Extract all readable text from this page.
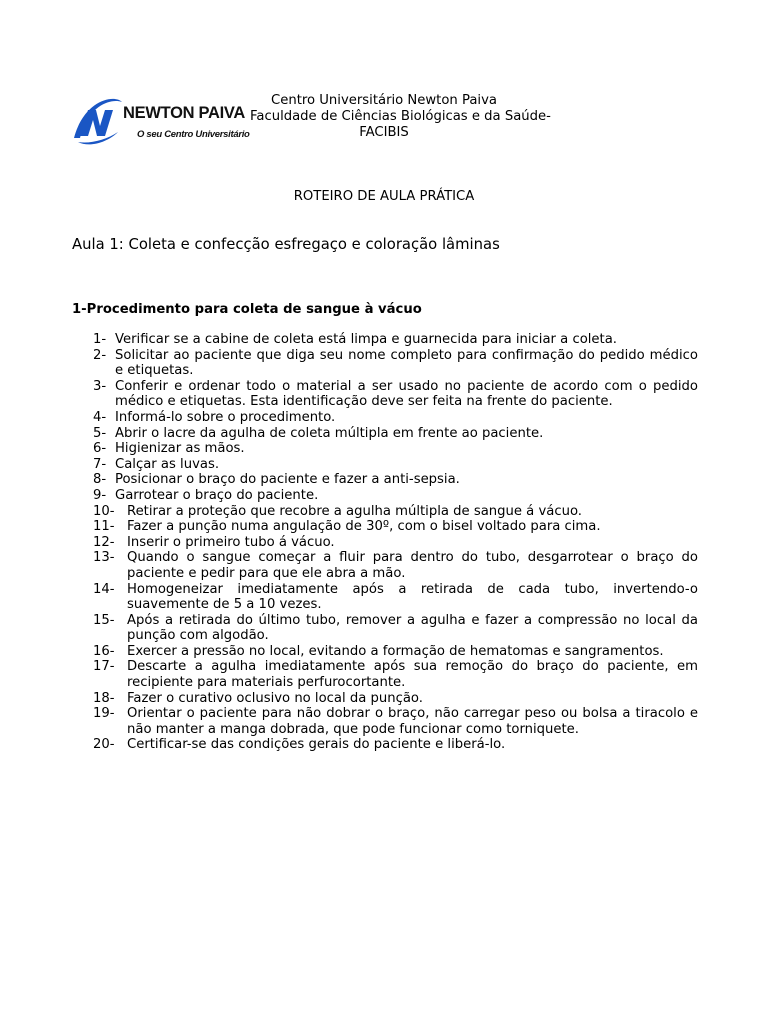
NEWTON PAIVA
O seu Centro Universitário
Centro Universitário Newton Paiva
Faculdade de Ciências Biológicas e da Saúde-
FACIBIS
ROTEIRO DE AULA PRÁTICA
Aula 1: Coleta e confecção esfregaço e coloração lâminas
1-Procedimento para coleta de sangue à vácuo
1- Verificar se a cabine de coleta está limpa e guarnecida para iniciar a coleta.
2- Solicitar ao paciente que diga seu nome completo para confirmação do pedido médico e etiquetas.
3- Conferir e ordenar todo o material a ser usado no paciente de acordo com o pedido médico e etiquetas. Esta identificação deve ser feita na frente do paciente.
4- Informá-lo sobre o procedimento.
5- Abrir o lacre da agulha de coleta múltipla em frente ao paciente.
6- Higienizar as mãos.
7- Calçar as luvas.
8- Posicionar o braço do paciente e fazer a anti-sepsia.
9- Garrotear o braço do paciente.
10- Retirar a proteção que recobre a agulha múltipla de sangue á vácuo.
11- Fazer a punção numa angulação de 30º, com o bisel voltado para cima.
12- Inserir o primeiro tubo á vácuo.
13- Quando o sangue começar a fluir para dentro do tubo, desgarrotear o braço do paciente e pedir para que ele abra a mão.
14- Homogeneizar imediatamente após a retirada de cada tubo, invertendo-o suavemente de 5 a 10 vezes.
15- Após a retirada do último tubo, remover a agulha e fazer a compressão no local da punção com algodão.
16- Exercer a pressão no local, evitando a formação de hematomas e sangramentos.
17- Descarte a agulha imediatamente após sua remoção do braço do paciente, em recipiente para materiais perfurocortante.
18- Fazer o curativo oclusivo no local da punção.
19- Orientar o paciente para não dobrar o braço, não carregar peso ou bolsa a tiracolo e não manter a manga dobrada, que pode funcionar como torniquete.
20- Certificar-se das condições gerais do paciente e liberá-lo.
